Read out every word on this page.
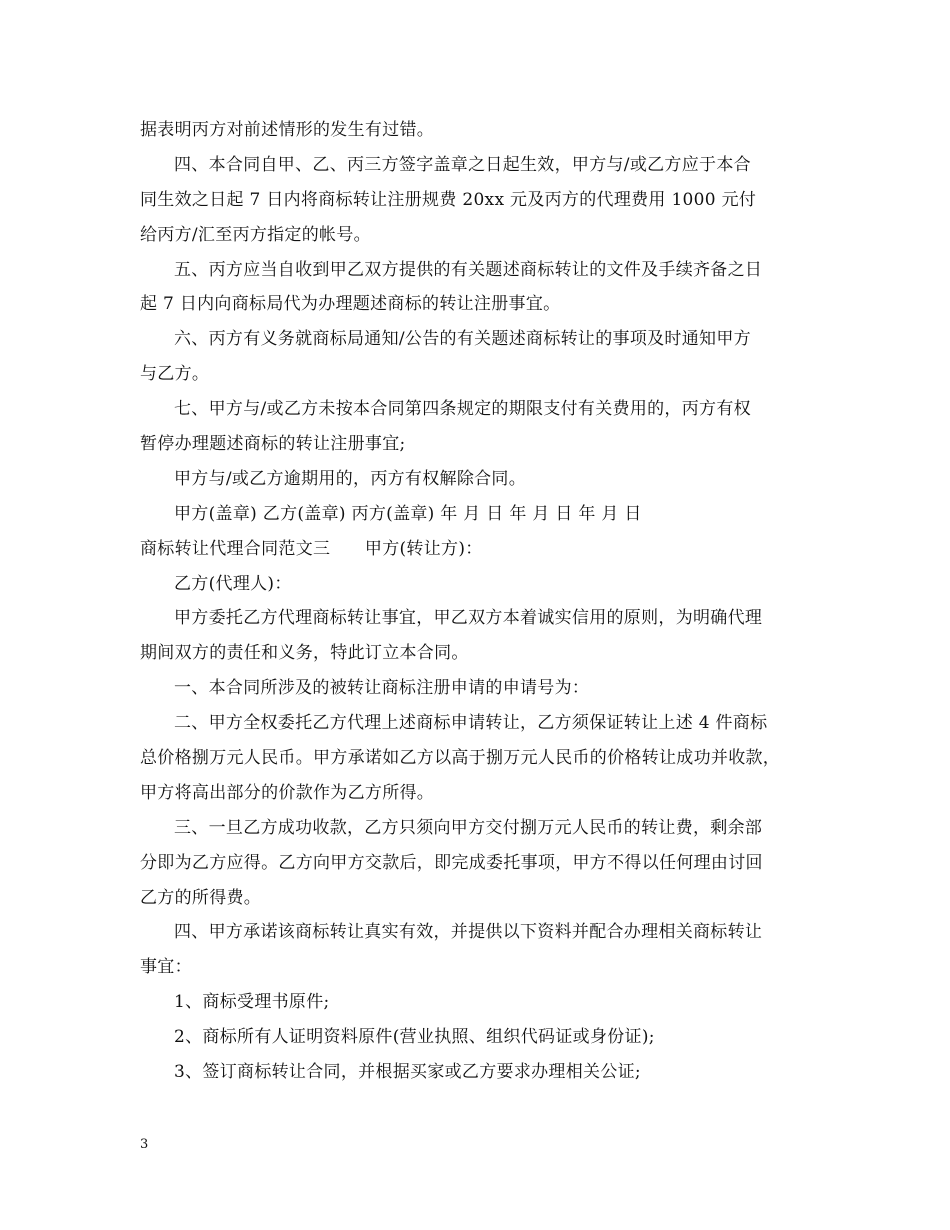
据表明丙方对前述情形的发生有过错。
四、本合同自甲、乙、丙三方签字盖章之日起生效，甲方与/或乙方应于本合
同生效之日起 7 日内将商标转让注册规费 20xx 元及丙方的代理费用 1000 元付
给丙方/汇至丙方指定的帐号。
五、丙方应当自收到甲乙双方提供的有关题述商标转让的文件及手续齐备之日
起 7 日内向商标局代为办理题述商标的转让注册事宜。
六、丙方有义务就商标局通知/公告的有关题述商标转让的事项及时通知甲方
与乙方。
七、甲方与/或乙方未按本合同第四条规定的期限支付有关费用的，丙方有权
暂停办理题述商标的转让注册事宜;
甲方与/或乙方逾期用的，丙方有权解除合同。
甲方(盖章) 乙方(盖章) 丙方(盖章) 年 月 日 年 月 日 年 月 日
商标转让代理合同范文三　　甲方(转让方)：
乙方(代理人)：
甲方委托乙方代理商标转让事宜，甲乙双方本着诚实信用的原则，为明确代理
期间双方的责任和义务，特此订立本合同。
一、本合同所涉及的被转让商标注册申请的申请号为：
二、甲方全权委托乙方代理上述商标申请转让，乙方须保证转让上述 4 件商标
总价格捌万元人民币。甲方承诺如乙方以高于捌万元人民币的价格转让成功并收款，
甲方将高出部分的价款作为乙方所得。
三、一旦乙方成功收款，乙方只须向甲方交付捌万元人民币的转让费，剩余部
分即为乙方应得。乙方向甲方交款后，即完成委托事项，甲方不得以任何理由讨回
乙方的所得费。
四、甲方承诺该商标转让真实有效，并提供以下资料并配合办理相关商标转让
事宜：
1、商标受理书原件;
2、商标所有人证明资料原件(营业执照、组织代码证或身份证);
3、签订商标转让合同，并根据买家或乙方要求办理相关公证;
3
